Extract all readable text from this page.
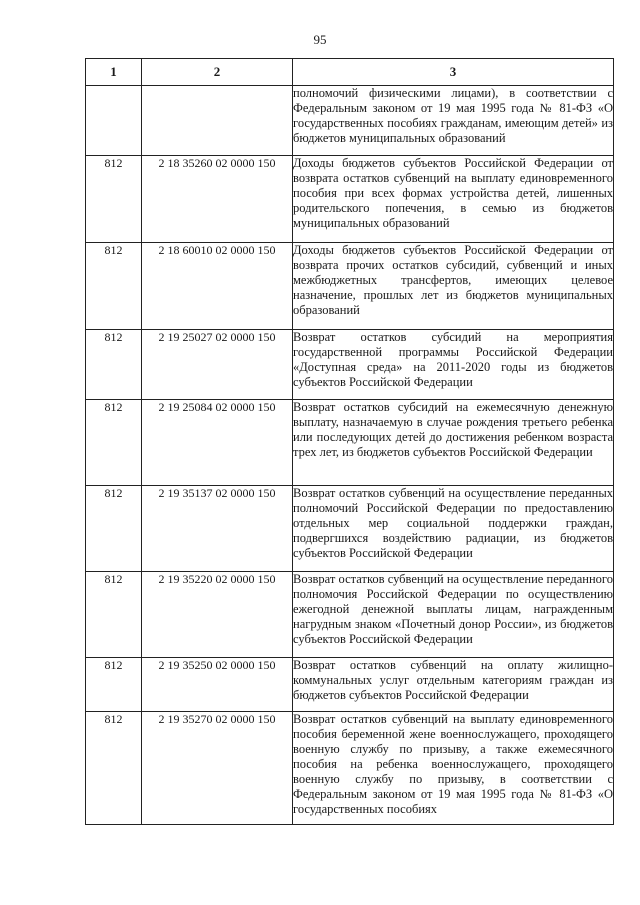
95
1	2	3
		полномочий физическими лицами), в соответствии с Федеральным законом от 19 мая 1995 года № 81-ФЗ «О государственных пособиях гражданам, имеющим детей» из бюджетов муниципальных образований
812	2 18 35260 02 0000 150	Доходы бюджетов субъектов Российской Федерации от возврата остатков субвенций на выплату единовременного пособия при всех формах устройства детей, лишенных родительского попечения, в семью из бюджетов муниципальных образований
812	2 18 60010 02 0000 150	Доходы бюджетов субъектов Российской Федерации от возврата прочих остатков субсидий, субвенций и иных межбюджетных трансфертов, имеющих целевое назначение, прошлых лет из бюджетов муниципальных образований
812	2 19 25027 02 0000 150	Возврат остатков субсидий на мероприятия государственной программы Российской Федерации «Доступная среда» на 2011-2020 годы из бюджетов субъектов Российской Федерации
812	2 19 25084 02 0000 150	Возврат остатков субсидий на ежемесячную денежную выплату, назначаемую в случае рождения третьего ребенка или последующих детей до достижения ребенком возраста трех лет, из бюджетов субъектов Российской Федерации
812	2 19 35137 02 0000 150	Возврат остатков субвенций на осуществление переданных полномочий Российской Федерации по предоставлению отдельных мер социальной поддержки граждан, подвергшихся воздействию радиации, из бюджетов субъектов Российской Федерации
812	2 19 35220 02 0000 150	Возврат остатков субвенций на осуществление переданного полномочия Российской Федерации по осуществлению ежегодной денежной выплаты лицам, награжденным нагрудным знаком «Почетный донор России», из бюджетов субъектов Российской Федерации
812	2 19 35250 02 0000 150	Возврат остатков субвенций на оплату жилищно-коммунальных услуг отдельным категориям граждан из бюджетов субъектов Российской Федерации
812	2 19 35270 02 0000 150	Возврат остатков субвенций на выплату единовременного пособия беременной жене военнослужащего, проходящего военную службу по призыву, а также ежемесячного пособия на ребенка военнослужащего, проходящего военную службу по призыву, в соответствии с Федеральным законом от 19 мая 1995 года № 81-ФЗ «О государственных пособиях
